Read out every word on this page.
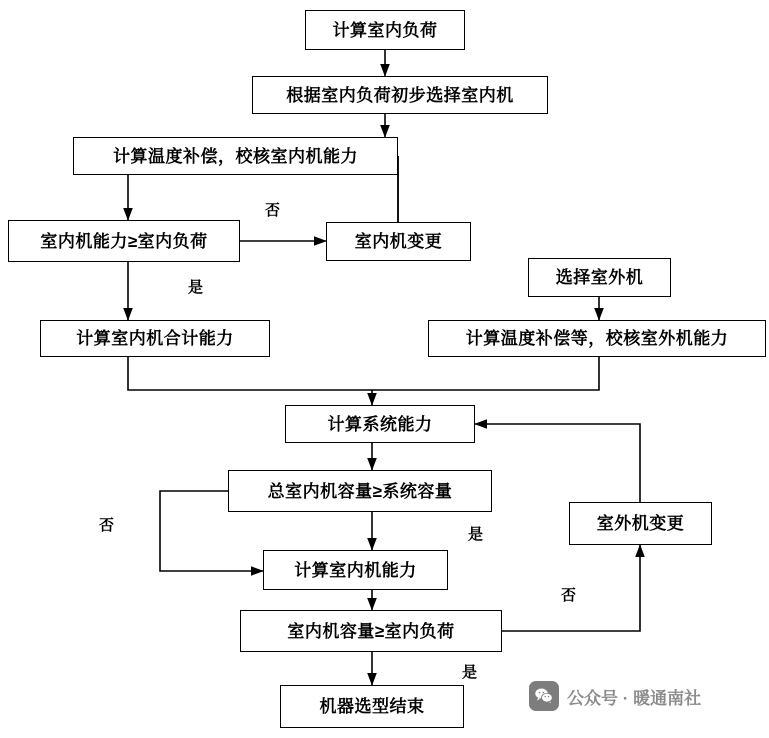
计算室内负荷
根据室内负荷初步选择室内机
计算温度补偿，校核室内机能力
室内机能力≥室内负荷	室内机变更
选择室外机
计算室内机合计能力	计算温度补偿等，校核室外机能力
计算系统能力
总室内机容量≥系统容量
室外机变更
计算室内机能力
室内机容量≥室内负荷
机器选型结束
否
是
否
是
否
是
公众号 · 暖通南社
